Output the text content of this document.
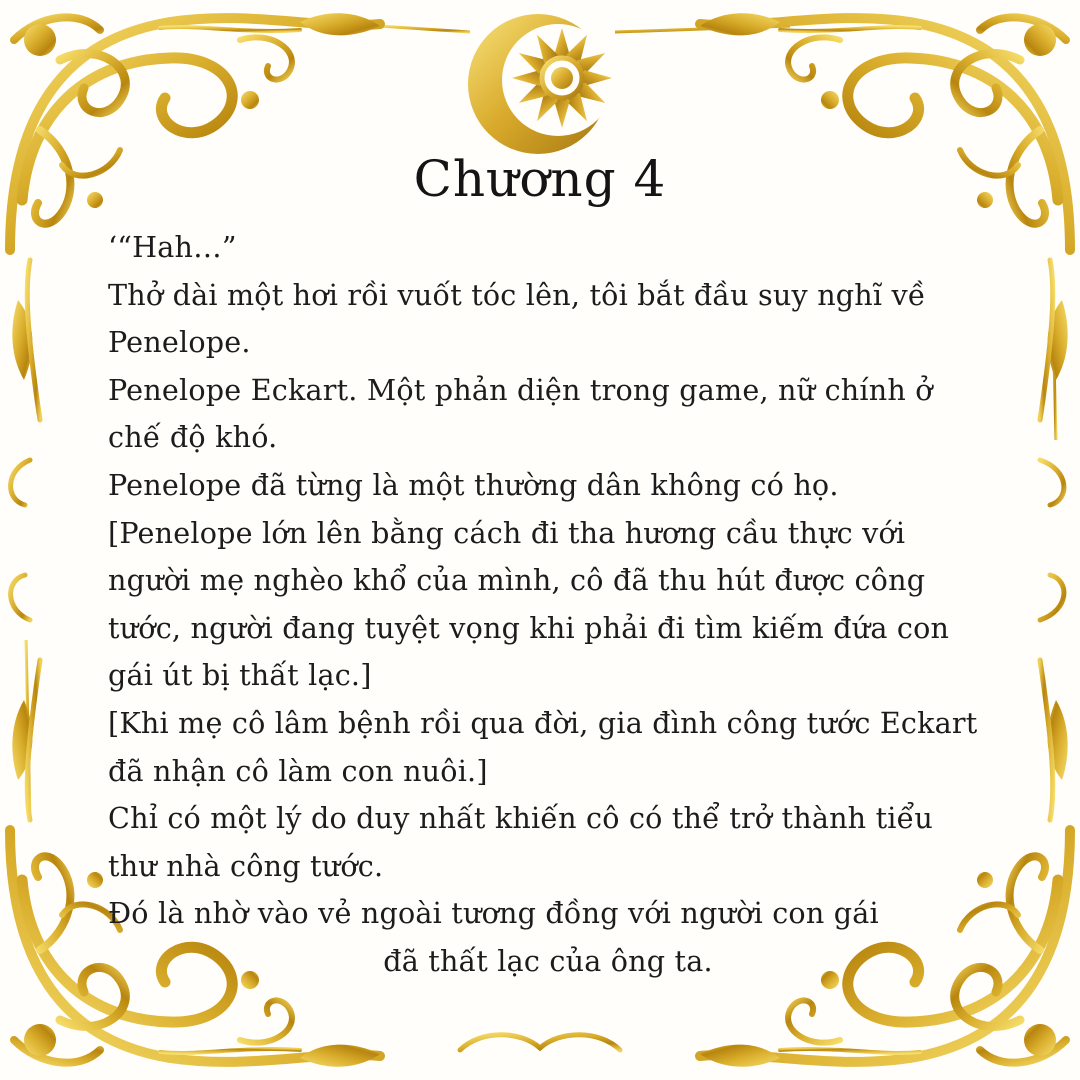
Chương 4

‘“Hah…”

Thở dài một hơi rồi vuốt tóc lên, tôi bắt đầu suy nghĩ về Penelope.

Penelope Eckart. Một phản diện trong game, nữ chính ở chế độ khó.

Penelope đã từng là một thường dân không có họ.

[Penelope lớn lên bằng cách đi tha hương cầu thực với người mẹ nghèo khổ của mình, cô đã thu hút được công tước, người đang tuyệt vọng khi phải đi tìm kiếm đứa con gái út bị thất lạc.]

[Khi mẹ cô lâm bệnh rồi qua đời, gia đình công tước Eckart đã nhận cô làm con nuôi.]

Chỉ có một lý do duy nhất khiến cô có thể trở thành tiểu thư nhà công tước.

Đó là nhờ vào vẻ ngoài tương đồng với người con gái

đã thất lạc của ông ta.
